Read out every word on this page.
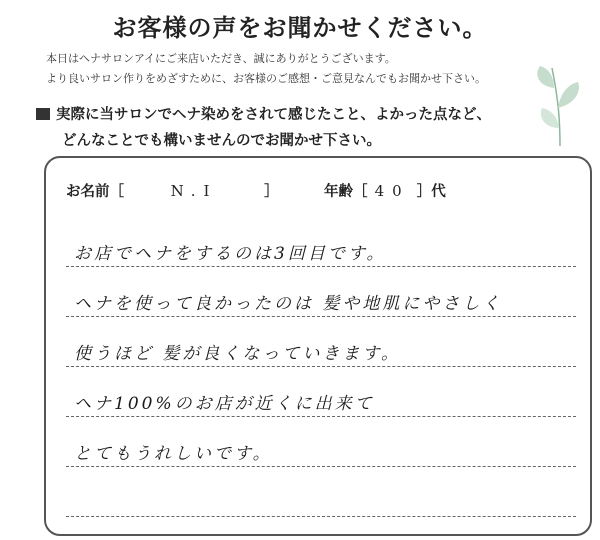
お客様の声をお聞かせください。
本日はヘナサロンアイにご来店いただき、誠にありがとうございます。
より良いサロン作りをめざすために、お客様のご感想・ご意見なんでもお聞かせ下さい。
実際に当サロンでヘナ染めをされて感じたこと、よかった点など、
どんなことでも構いませんのでお聞かせ下さい。
お名前［	N.I	］	年齢［ 40 ］代
お店でヘナをするのは3回目です。
ヘナを使って良かったのは 髪や地肌にやさしく
使うほど 髪が良くなっていきます。
ヘナ100%のお店が近くに出来て
とてもうれしいです。
